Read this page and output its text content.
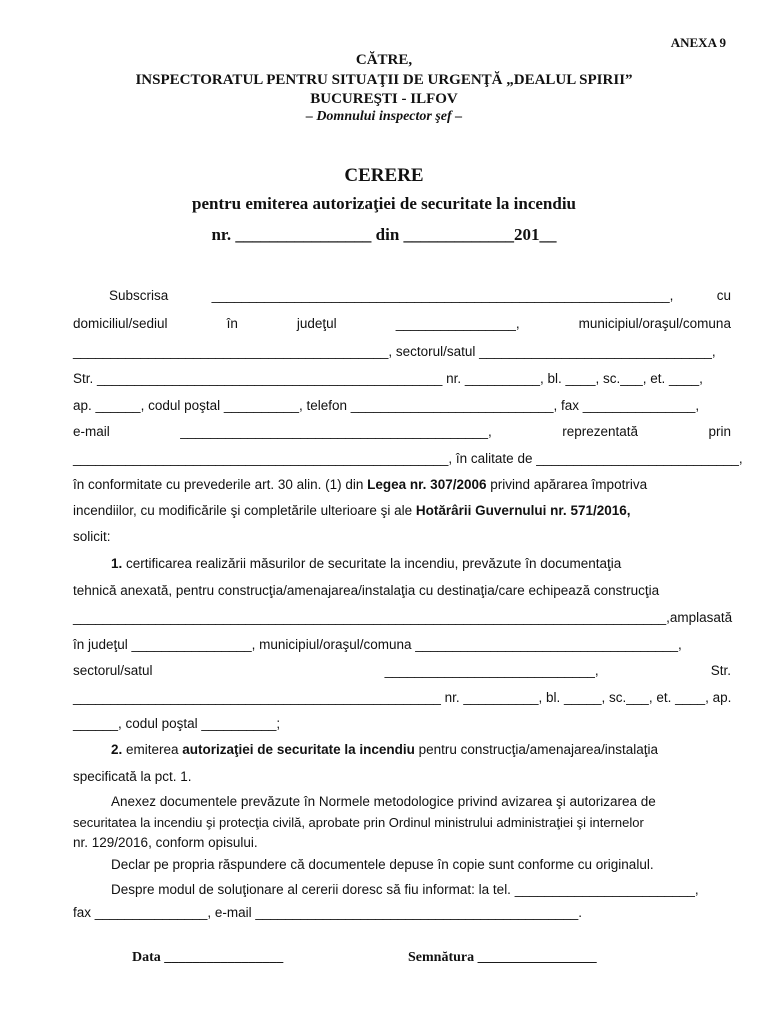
ANEXA 9
CĂTRE,
INSPECTORATUL PENTRU SITUAŢII DE URGENŢĂ „DEALUL SPIRII”
BUCUREŞTI - ILFOV
– Domnului inspector şef –
CERERE
pentru emiterea autorizaţiei de securitate la incendiu
nr. ________________ din _____________201__
Subscrisa	_____________________________________________________________,	cu
domiciliul/sediul	în	judeţul	________________,	municipiul/oraşul/comuna
__________________________________________, sectorul/satul _______________________________,
Str. ______________________________________________ nr. __________, bl. ____, sc.___, et. ____,
ap. ______, codul poştal __________, telefon ___________________________, fax _______________,
e-mail	_________________________________________,	reprezentată	prin
__________________________________________________, în calitate de ___________________________,
în conformitate cu prevederile art. 30 alin. (1) din Legea nr. 307/2006 privind apărarea împotriva
incendiilor, cu modificările şi completările ulterioare şi ale Hotărârii Guvernului nr. 571/2016,
solicit:
1. certificarea realizării măsurilor de securitate la incendiu, prevăzute în documentaţia
tehnică anexată, pentru construcţia/amenajarea/instalaţia cu destinaţia/care echipează construcţia
_______________________________________________________________________________, amplasată
în judeţul ________________, municipiul/oraşul/comuna ___________________________________,
sectorul/satul	____________________________,	Str.
_________________________________________________ nr. __________, bl. _____, sc.___, et. ____, ap.
______, codul poştal __________;
2. emiterea autorizaţiei de securitate la incendiu pentru construcţia/amenajarea/instalaţia
specificată la pct. 1.
Anexez documentele prevăzute în Normele metodologice privind avizarea şi autorizarea de
securitatea la incendiu şi protecţia civilă, aprobate prin Ordinul ministrului administraţiei şi internelor
nr. 129/2016, conform opisului.
Declar pe propria răspundere că documentele depuse în copie sunt conforme cu originalul.
Despre modul de soluţionare al cererii doresc să fiu informat: la tel. ________________________,
fax _______________, e-mail ___________________________________________.
Data _________________	Semnătura _________________
